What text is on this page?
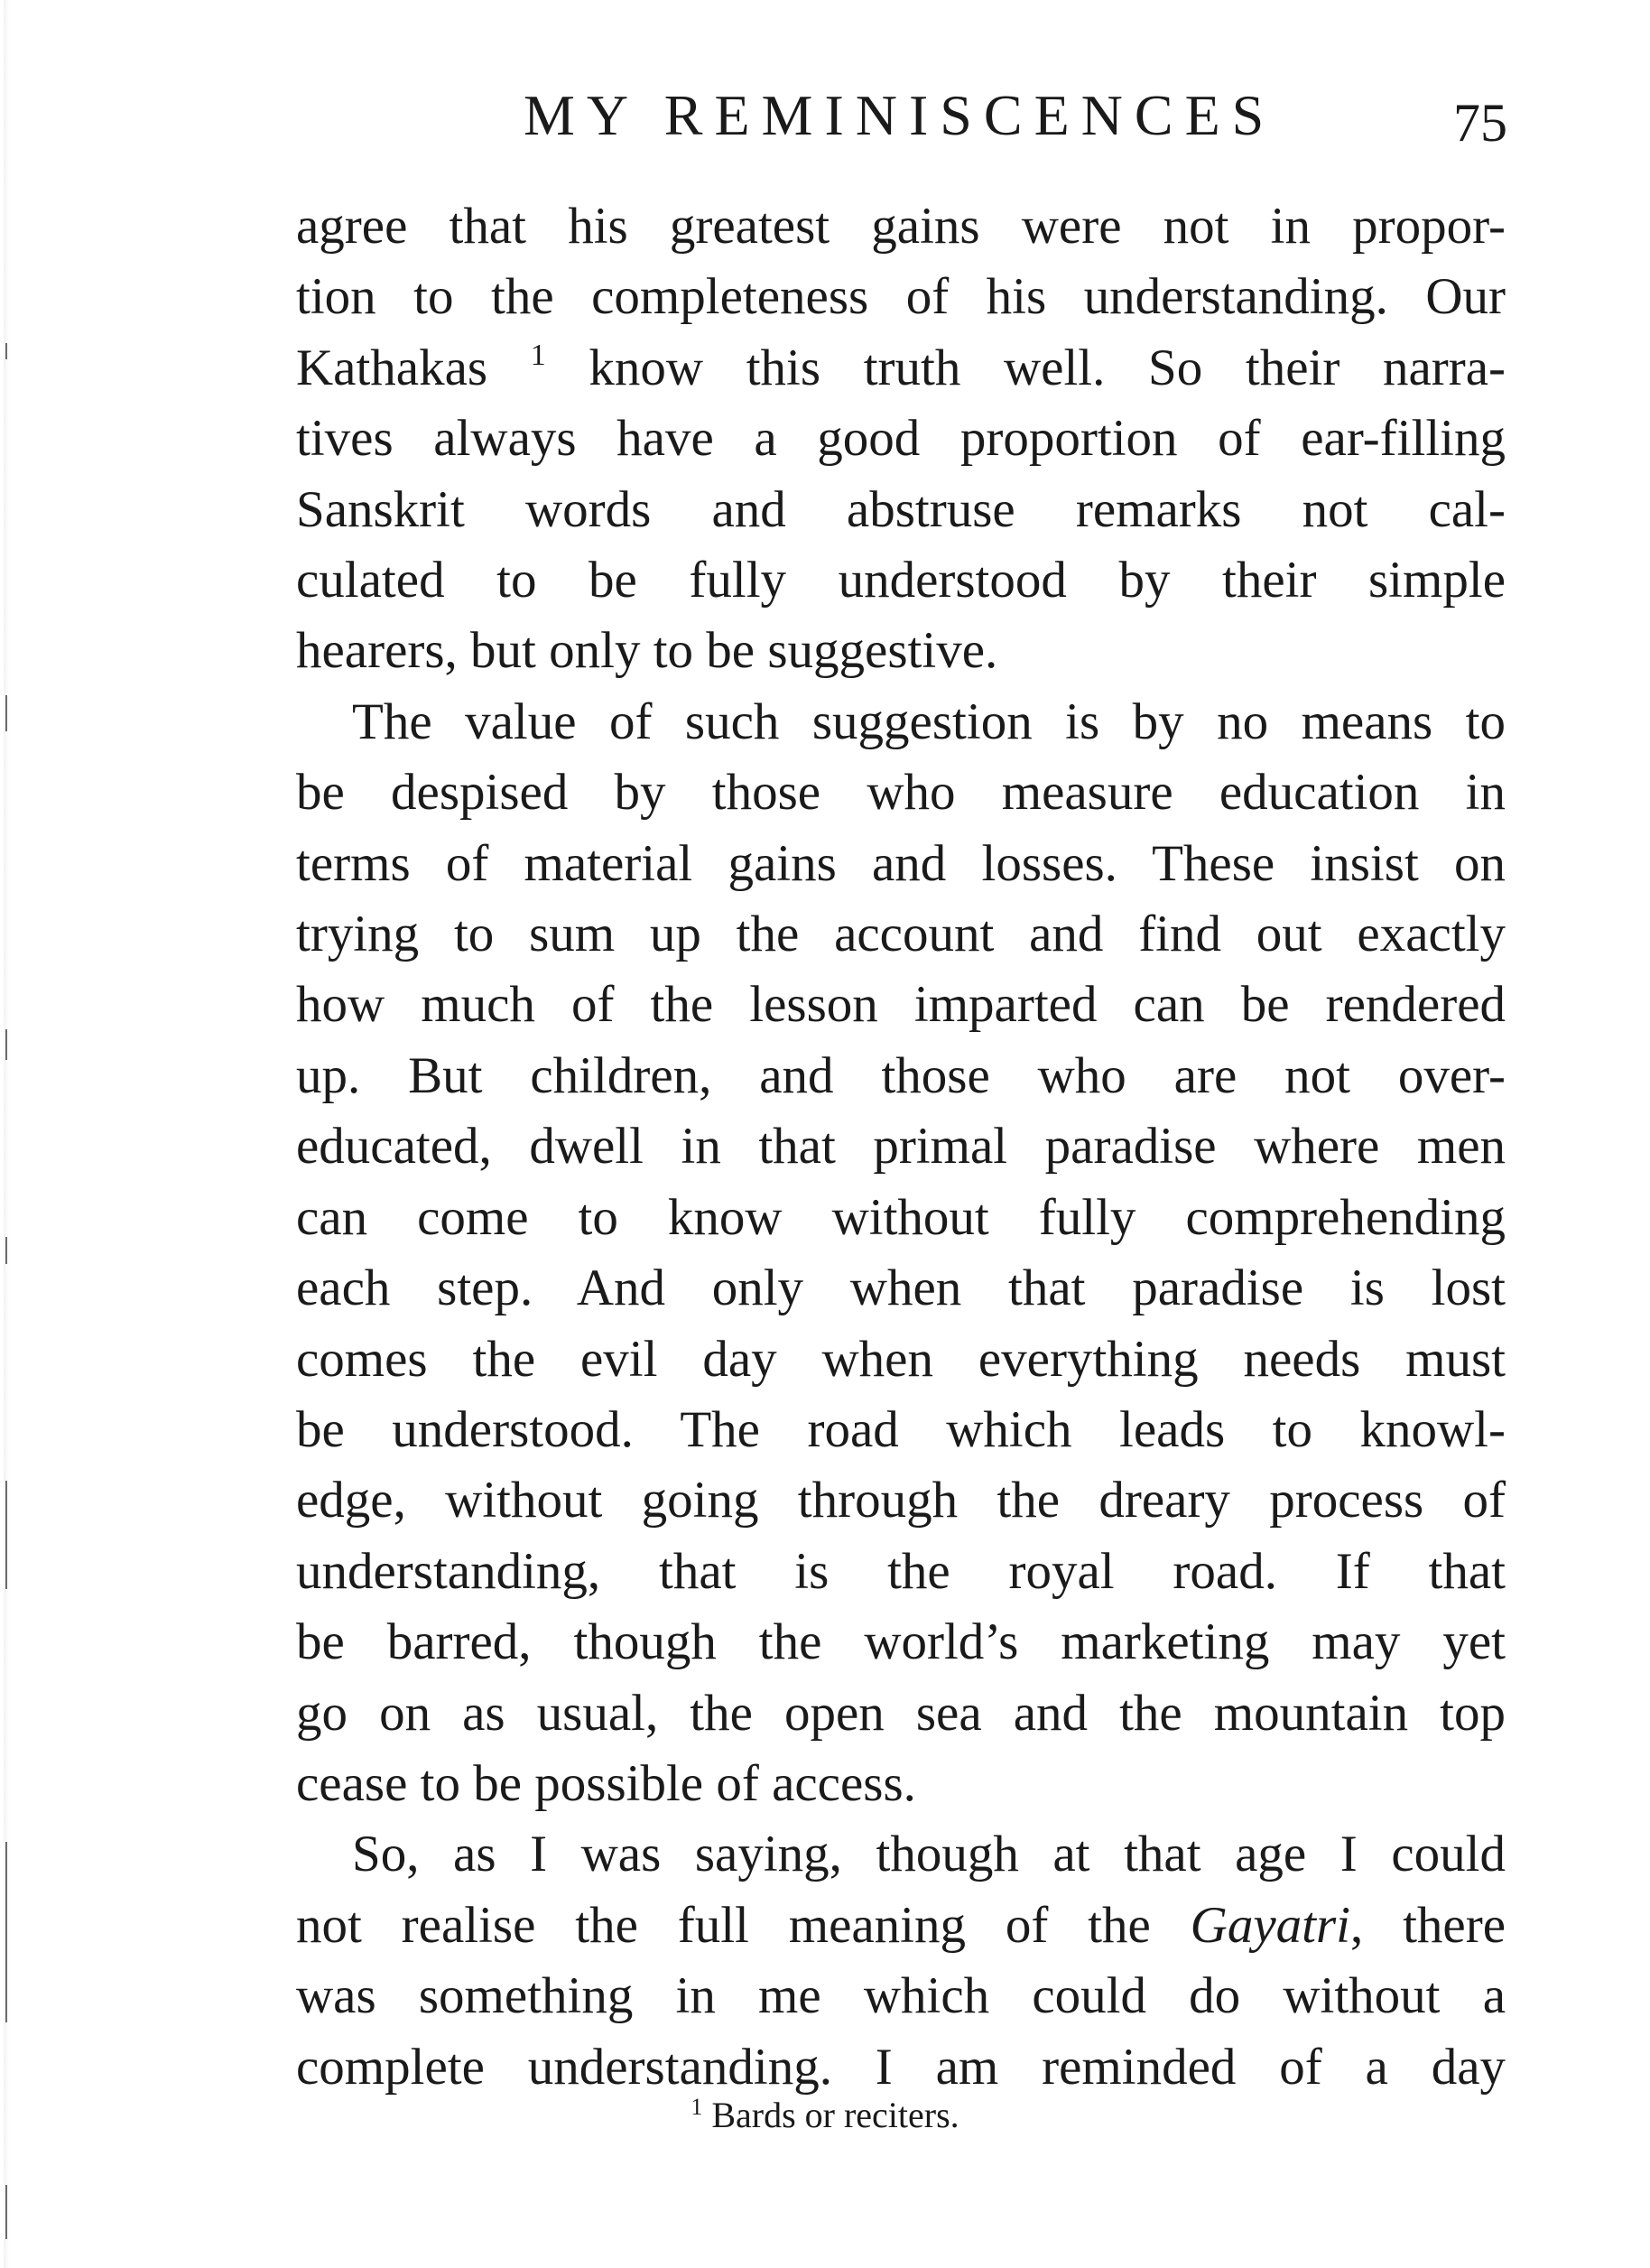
MY REMINISCENCES	75

agree that his greatest gains were not in propor-
tion to the completeness of his understanding. Our
Kathakas $^1$ know this truth well. So their narra-
tives always have a good proportion of ear-filling
Sanskrit words and abstruse remarks not cal-
culated to be fully understood by their simple
hearers, but only to be suggestive.

The value of such suggestion is by no means to
be despised by those who measure education in
terms of material gains and losses. These insist on
trying to sum up the account and find out exactly
how much of the lesson imparted can be rendered
up. But children, and those who are not over-
educated, dwell in that primal paradise where men
can come to know without fully comprehending
each step. And only when that paradise is lost
comes the evil day when everything needs must
be understood. The road which leads to knowl-
edge, without going through the dreary process of
understanding, that is the royal road. If that
be barred, though the world’s marketing may yet
go on as usual, the open sea and the mountain top
cease to be possible of access.

So, as I was saying, though at that age I could
not realise the full meaning of the Gayatri, there
was something in me which could do without a
complete understanding. I am reminded of a day

$^1$ Bards or reciters.
